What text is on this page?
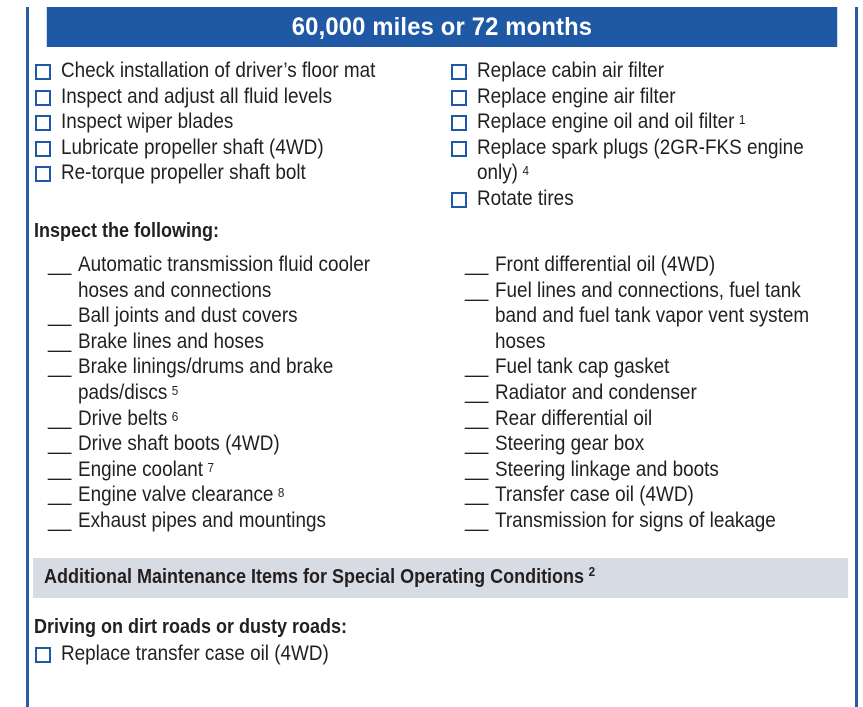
60,000 miles or 72 months
Check installation of driver’s floor mat
Inspect and adjust all fluid levels
Inspect wiper blades
Lubricate propeller shaft (4WD)
Re-torque propeller shaft bolt
Replace cabin air filter
Replace engine air filter
Replace engine oil and oil filter $^1$
Replace spark plugs (2GR-FKS engine
only) $^4$
Rotate tires
Inspect the following:
__ Automatic transmission fluid cooler
hoses and connections
__ Ball joints and dust covers
__ Brake lines and hoses
__ Brake linings/drums and brake
pads/discs $^5$
__ Drive belts $^6$
__ Drive shaft boots (4WD)
__ Engine coolant $^7$
__ Engine valve clearance $^8$
__ Exhaust pipes and mountings
__ Front differential oil (4WD)
__ Fuel lines and connections, fuel tank
band and fuel tank vapor vent system
hoses
__ Fuel tank cap gasket
__ Radiator and condenser
__ Rear differential oil
__ Steering gear box
__ Steering linkage and boots
__ Transfer case oil (4WD)
__ Transmission for signs of leakage
Additional Maintenance Items for Special Operating Conditions $^2$
Driving on dirt roads or dusty roads:
Replace transfer case oil (4WD)
